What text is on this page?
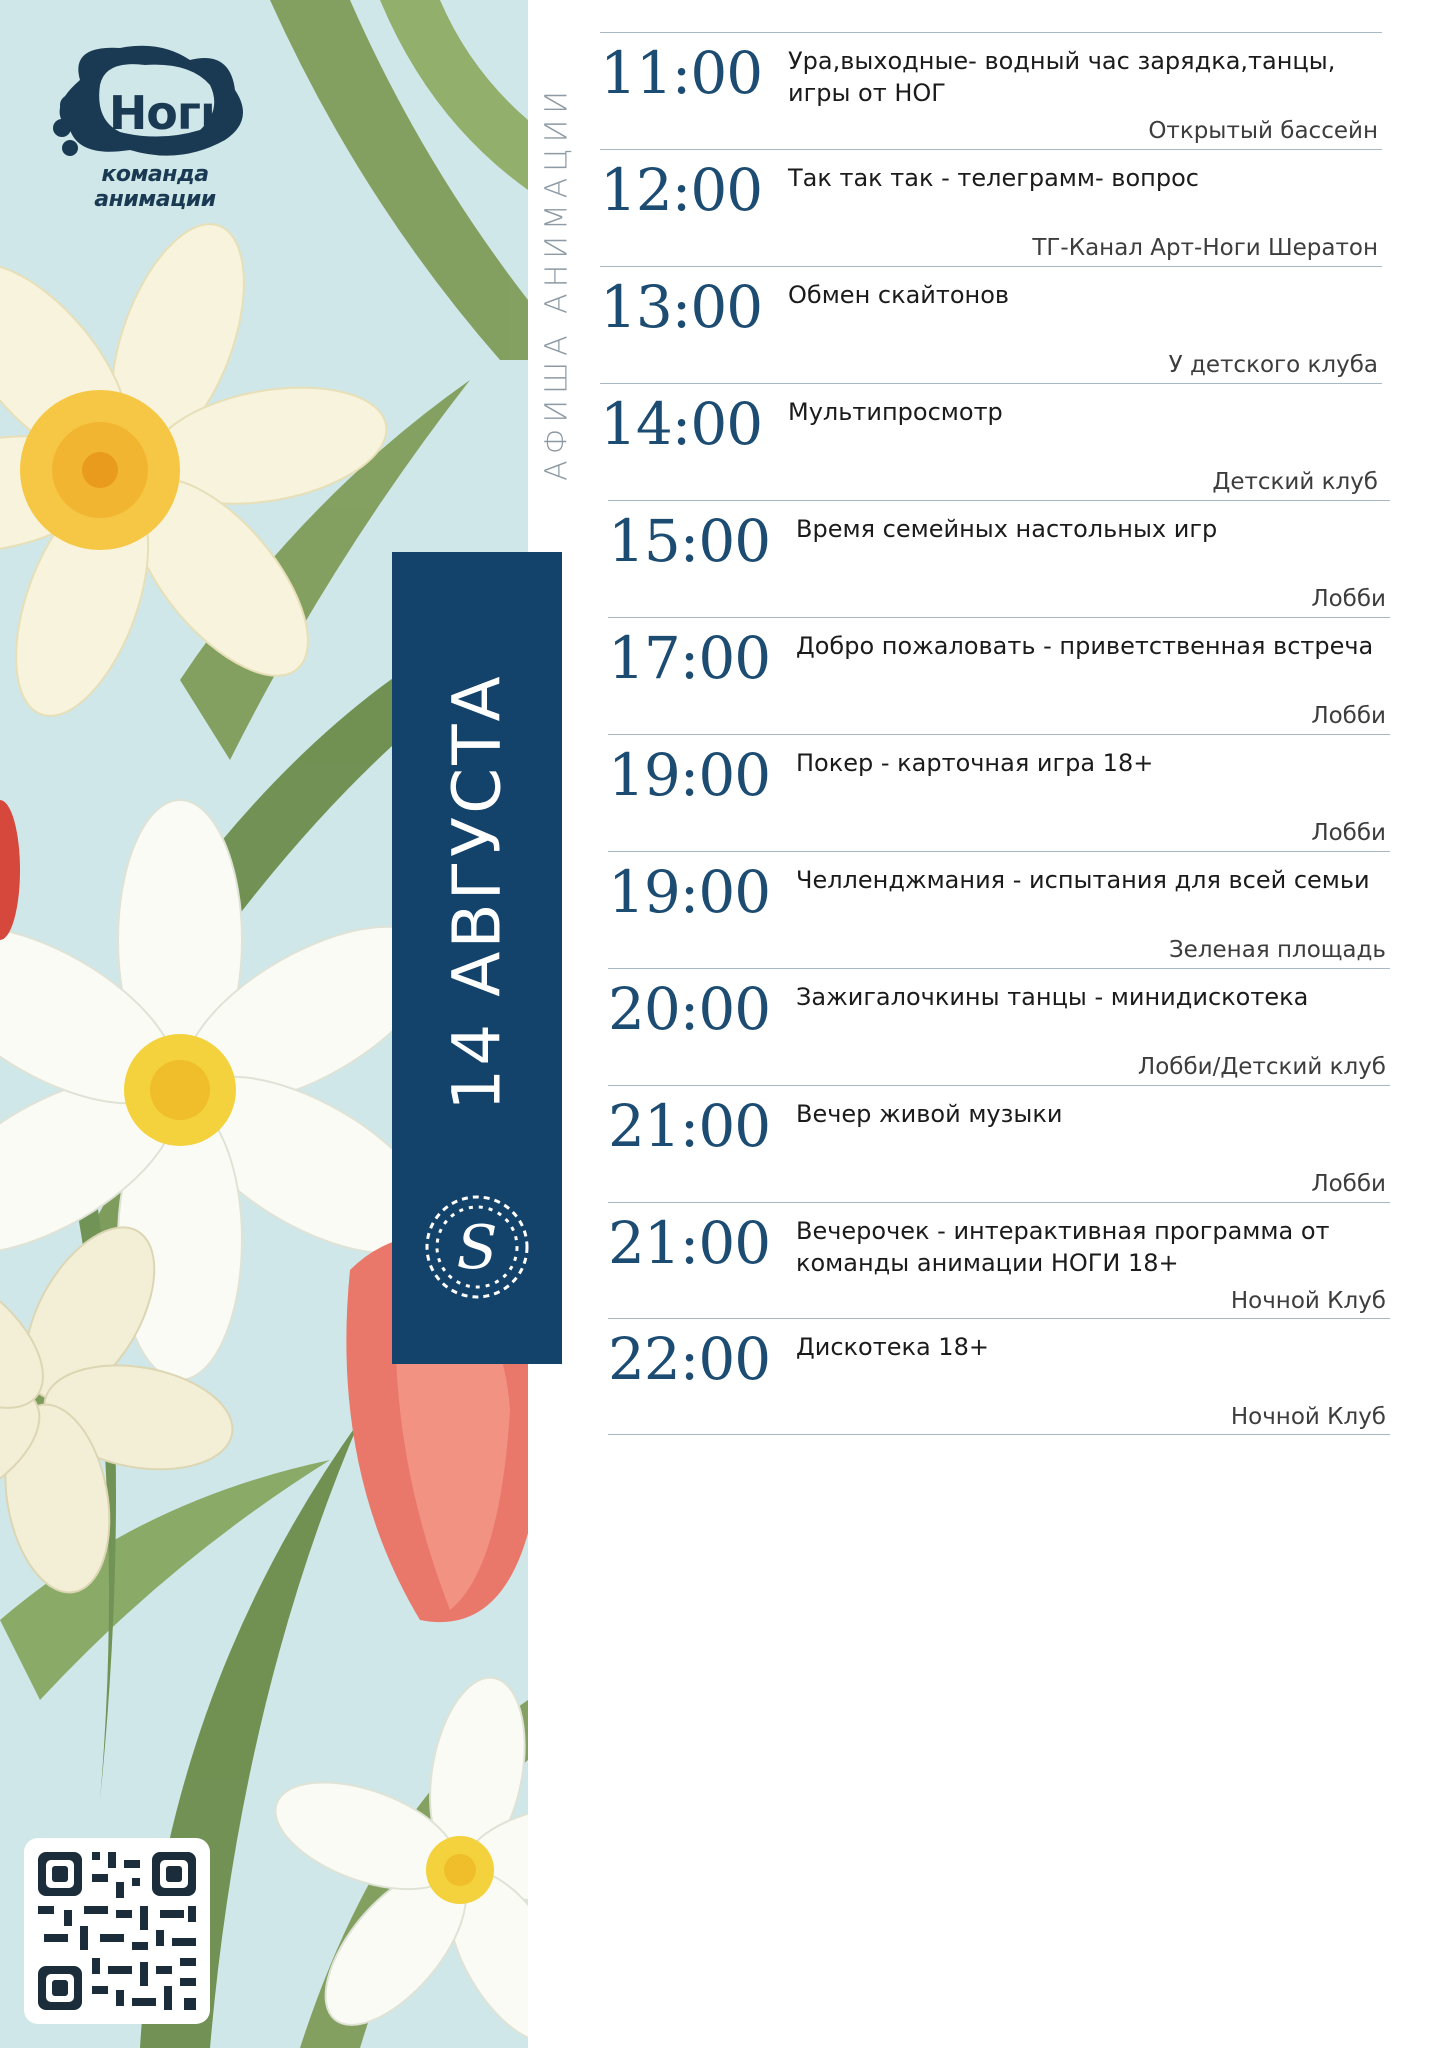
Ноги
команда анимации	АФИША АНИМАЦИИ
14 АВГУСТА
S
11:00 Ура,выходные- водный час зарядка,танцы, игры от НОГ
Открытый бассейн
12:00 Так так так - телеграмм- вопрос
ТГ-Канал Арт-Ноги Шератон
13:00 Обмен скайтонов
У детского клуба
14:00 Мультипросмотр
Детский клуб
15:00 Время семейных настольных игр
Лобби
17:00 Добро пожаловать - приветственная встреча
Лобби
19:00 Покер - карточная игра 18+
Лобби
19:00 Челленджмания - испытания для всей семьи
Зеленая площадь
20:00 Зажигалочкины танцы - минидискотека
Лобби/Детский клуб
21:00 Вечер живой музыки
Лобби
21:00 Вечерочек - интерактивная программа от команды анимации НОГИ 18+
Ночной Клуб
22:00 Дискотека 18+
Ночной Клуб
